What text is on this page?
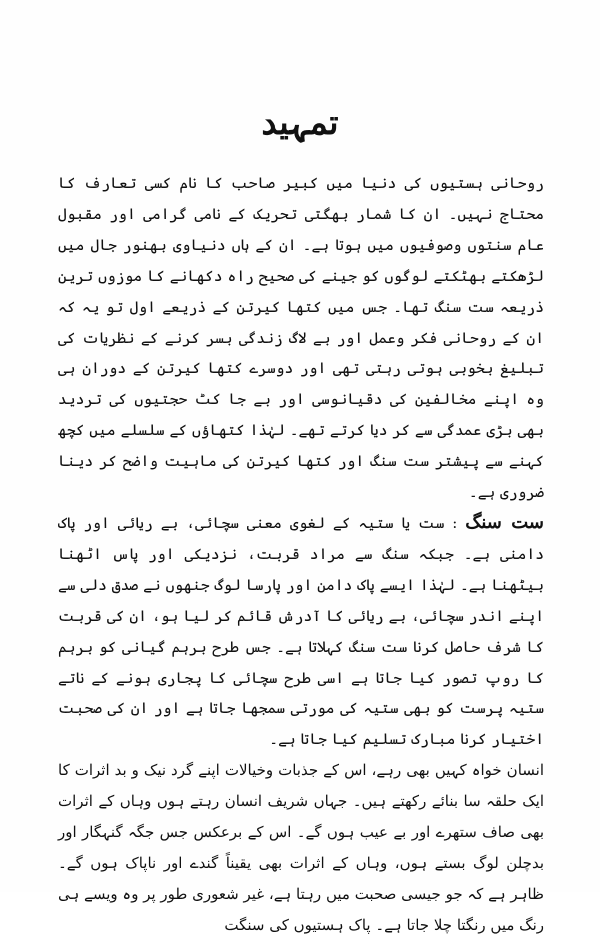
تمہید

روحانی ہستیوں کی دنیا میں کبیر صاحب کا نام کسی تعارف کا محتاج نہیں۔ ان کا شمار بھگتی تحریک کے نامی گرامی اور مقبول عام سنتوں وصوفیوں میں ہوتا ہے۔ ان کے ہاں دنیاوی بھنور جال میں لڑھکتے بھٹکتے لوگوں کو جینے کی صحیح راہ دکھانے کا موزوں ترین ذریعہ ست سنگ تھا۔ جس میں کتھا کیرتن کے ذریعے اول تو یہ کہ ان کے روحانی فکر وعمل اور بے لاگ زندگی بسر کرنے کے نظریات کی تبلیغ بخوبی ہوتی رہتی تھی اور دوسرے کتھا کیرتن کے دوران ہی وہ اپنے مخالفین کی دقیانوسی اور بے جا کٹ حجتیوں کی تردید بھی بڑی عمدگی سے کر دیا کرتے تھے۔ لہٰذا کتھاؤں کے سلسلے میں کچھ کہنے سے پیشتر ست سنگ اور کتھا کیرتن کی ماہیت واضح کر دینا ضروری ہے۔

ست سنگ : ست یا ستیہ کے لغوی معنی سچائی، بے ریائی اور پاک دامنی ہے۔ جبکہ سنگ سے مراد قربت، نزدیکی اور پاس اٹھنا بیٹھنا ہے۔ لہٰذا ایسے پاک دامن اور پارسا لوگ جنھوں نے صدق دلی سے اپنے اندر سچائی، بے ریائی کا آدرش قائم کر لیا ہو، ان کی قربت کا شرف حاصل کرنا ست سنگ کہلاتا ہے۔ جس طرح برہم گیانی کو برہم کا روپ تصور کیا جاتا ہے اسی طرح سچائی کا پجاری ہونے کے ناتے ستیہ پرست کو بھی ستیہ کی مورتی سمجھا جاتا ہے اور ان کی صحبت اختیار کرنا مبارک تسلیم کیا جاتا ہے۔

انسان خواہ کہیں بھی رہے، اس کے جذبات وخیالات اپنے گرد نیک و بد اثرات کا ایک حلقہ سا بنائے رکھتے ہیں۔ جہاں شریف انسان رہتے ہوں وہاں کے اثرات بھی صاف ستھرے اور بے عیب ہوں گے۔ اس کے برعکس جس جگہ گنہگار اور بدچلن لوگ بستے ہوں، وہاں کے اثرات بھی یقیناً گندے اور ناپاک ہوں گے۔ ظاہر ہے کہ جو جیسی صحبت میں رہتا ہے، غیر شعوری طور پر وہ ویسے ہی رنگ میں رنگتا چلا جاتا ہے۔ پاک ہستیوں کی سنگت
